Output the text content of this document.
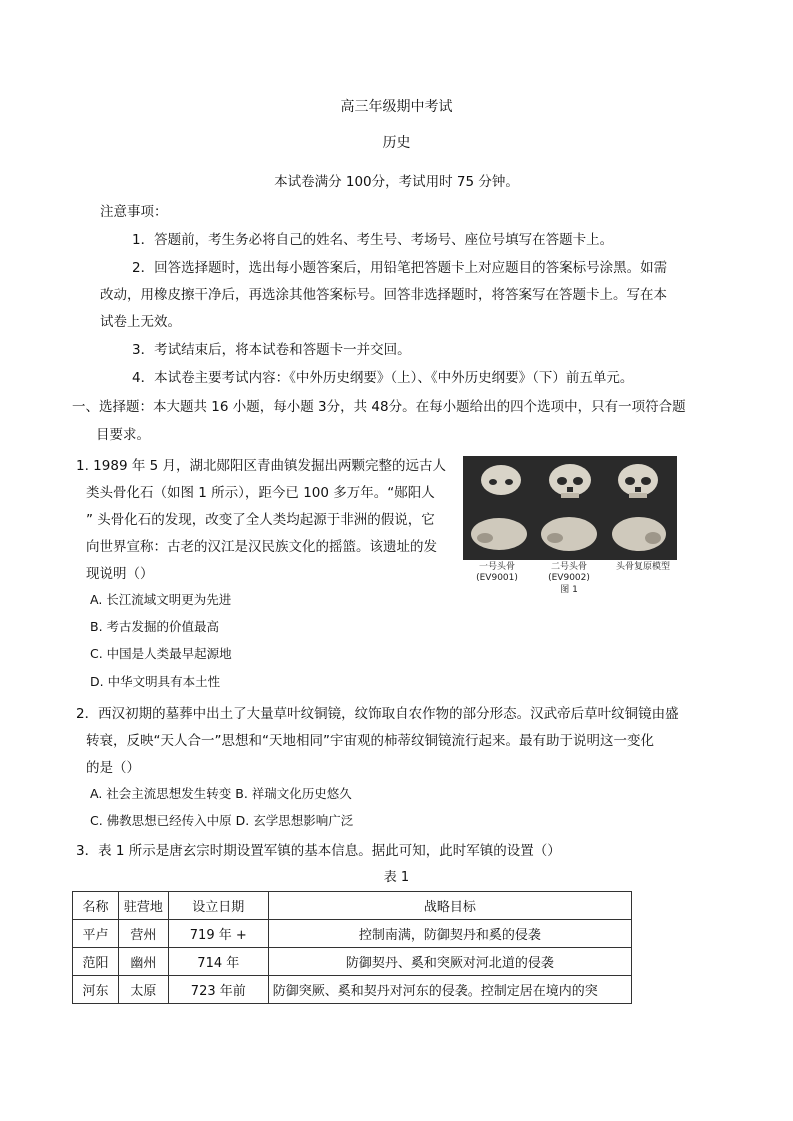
高三年级期中考试
历史
本试卷满分 100分，考试用时 75 分钟。
注意事项：
1．答题前，考生务必将自己的姓名、考生号、考场号、座位号填写在答题卡上。
2．回答选择题时，选出每小题答案后，用铅笔把答题卡上对应题目的答案标号涂黑。如需
改动，用橡皮擦干净后，再选涂其他答案标号。回答非选择题时，将答案写在答题卡上。写在本
试卷上无效。
3．考试结束后，将本试卷和答题卡一并交回。
4．本试卷主要考试内容：《中外历史纲要》（上）、《中外历史纲要》（下）前五单元。
一、选择题：本大题共 16 小题，每小题 3分，共 48分。在每小题给出的四个选项中，只有一项符合题
目要求。
1. 1989 年 5 月，湖北郧阳区青曲镇发掘出两颗完整的远古人
类头骨化石（如图 1 所示），距今已 100 多万年。“郧阳人
” 头骨化石的发现，改变了全人类均起源于非洲的假说，它
向世界宣称：古老的汉江是汉民族文化的摇篮。该遗址的发
现说明（）
A. 长江流域文明更为先进
B. 考古发掘的价值最高
C. 中国是人类最早起源地
D. 中华文明具有本土性
一号头骨
(EV9001)
二号头骨
(EV9002)
头骨复原模型
图 1
2．西汉初期的墓葬中出土了大量草叶纹铜镜，纹饰取自农作物的部分形态。汉武帝后草叶纹铜镜由盛
转衰，反映“天人合一”思想和“天地相同”宇宙观的柿蒂纹铜镜流行起来。最有助于说明这一变化
的是（）
A. 社会主流思想发生转变 B. 祥瑞文化历史悠久
C. 佛教思想已经传入中原 D. 玄学思想影响广泛
3．表 1 所示是唐玄宗时期设置军镇的基本信息。据此可知，此时军镇的设置（）
表 1
名称	驻营地	设立日期	战略目标
平卢	营州	719 年 +	控制南满，防御契丹和奚的侵袭
范阳	幽州	714 年	防御契丹、奚和突厥对河北道的侵袭
河东	太原	723 年前	防御突厥、奚和契丹对河东的侵袭。控制定居在境内的突
